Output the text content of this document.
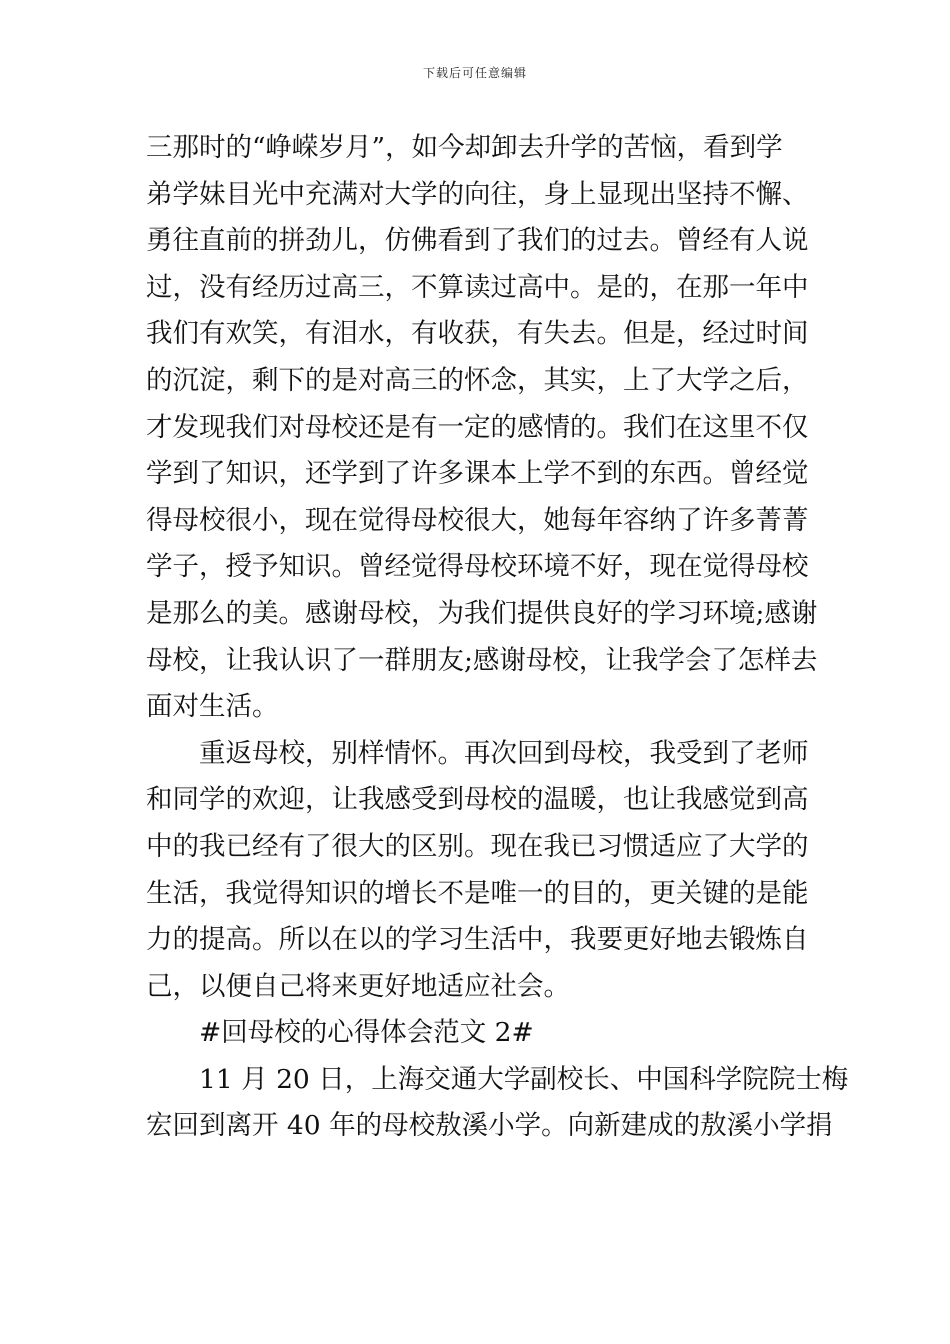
下载后可任意编辑
三那时的“峥嵘岁月”，如今却卸去升学的苦恼，看到学
弟学妹目光中充满对大学的向往，身上显现出坚持不懈、
勇往直前的拼劲儿，仿佛看到了我们的过去。曾经有人说
过，没有经历过高三，不算读过高中。是的，在那一年中
我们有欢笑，有泪水，有收获，有失去。但是，经过时间
的沉淀，剩下的是对高三的怀念，其实，上了大学之后，
才发现我们对母校还是有一定的感情的。我们在这里不仅
学到了知识，还学到了许多课本上学不到的东西。曾经觉
得母校很小，现在觉得母校很大，她每年容纳了许多菁菁
学子，授予知识。曾经觉得母校环境不好，现在觉得母校
是那么的美。感谢母校，为我们提供良好的学习环境;感谢
母校，让我认识了一群朋友;感谢母校，让我学会了怎样去
面对生活。
重返母校，别样情怀。再次回到母校，我受到了老师
和同学的欢迎，让我感受到母校的温暖，也让我感觉到高
中的我已经有了很大的区别。现在我已习惯适应了大学的
生活，我觉得知识的增长不是唯一的目的，更关键的是能
力的提高。所以在以的学习生活中，我要更好地去锻炼自
己，以便自己将来更好地适应社会。
#回母校的心得体会范文 2#
11 月 20 日，上海交通大学副校长、中国科学院院士梅
宏回到离开 40 年的母校敖溪小学。向新建成的敖溪小学捐
